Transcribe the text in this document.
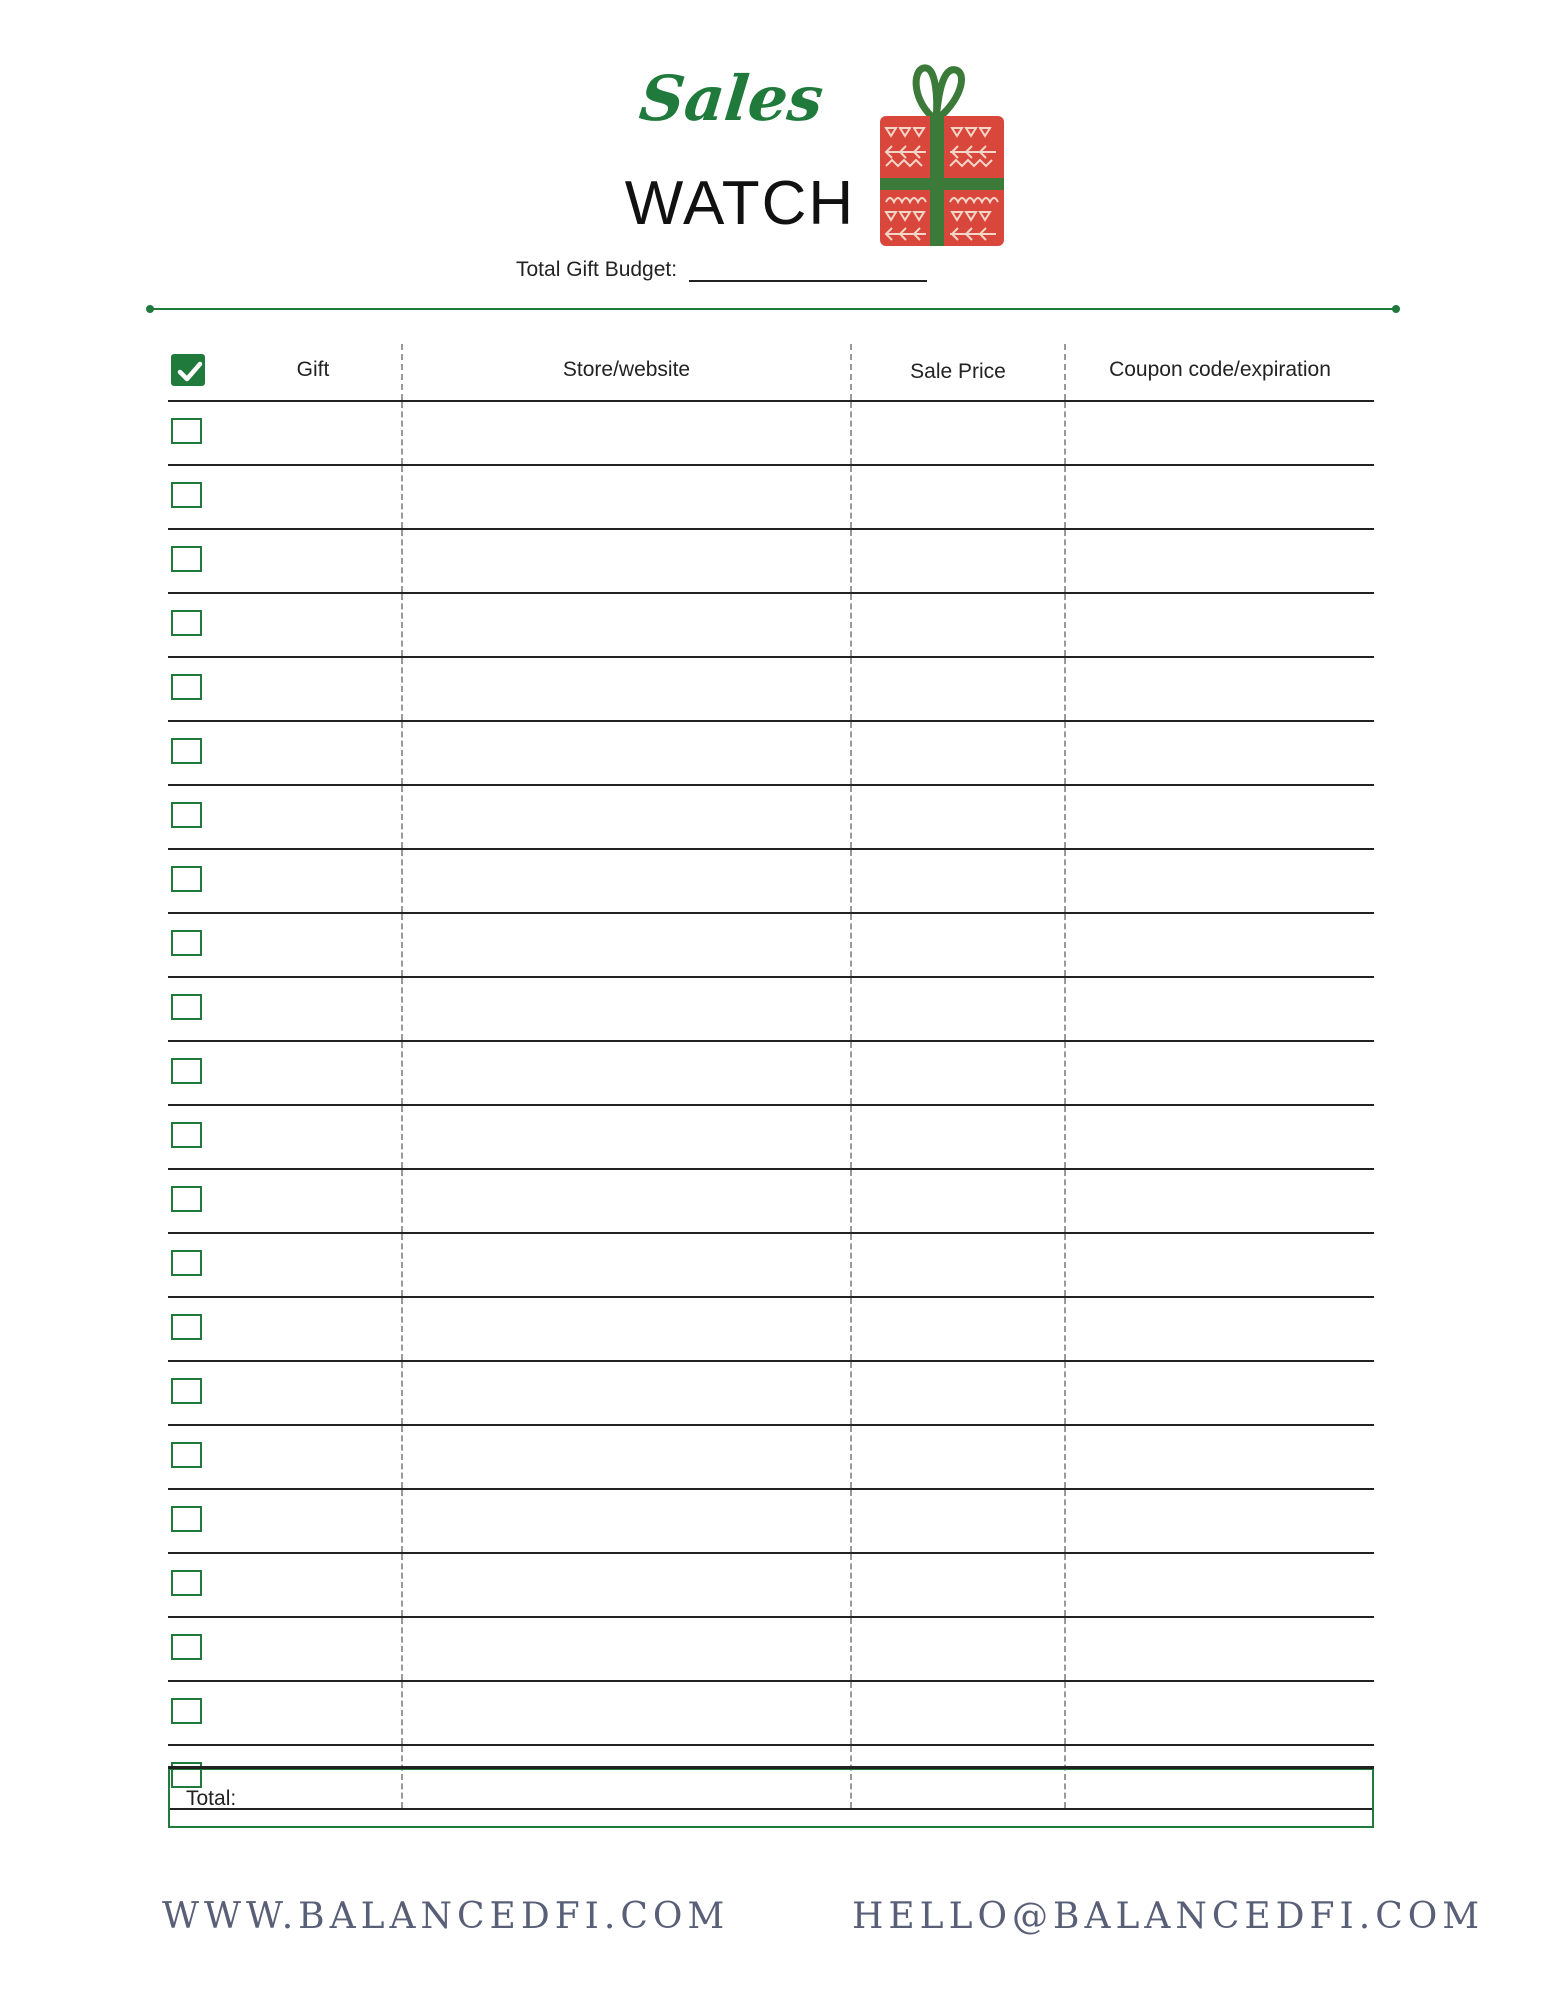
Sales
WATCH
Total Gift Budget:
Gift	Store/website	Sale Price	Coupon code/expiration
Total:
WWW.BALANCEDFI.COM	HELLO@BALANCEDFI.COM
